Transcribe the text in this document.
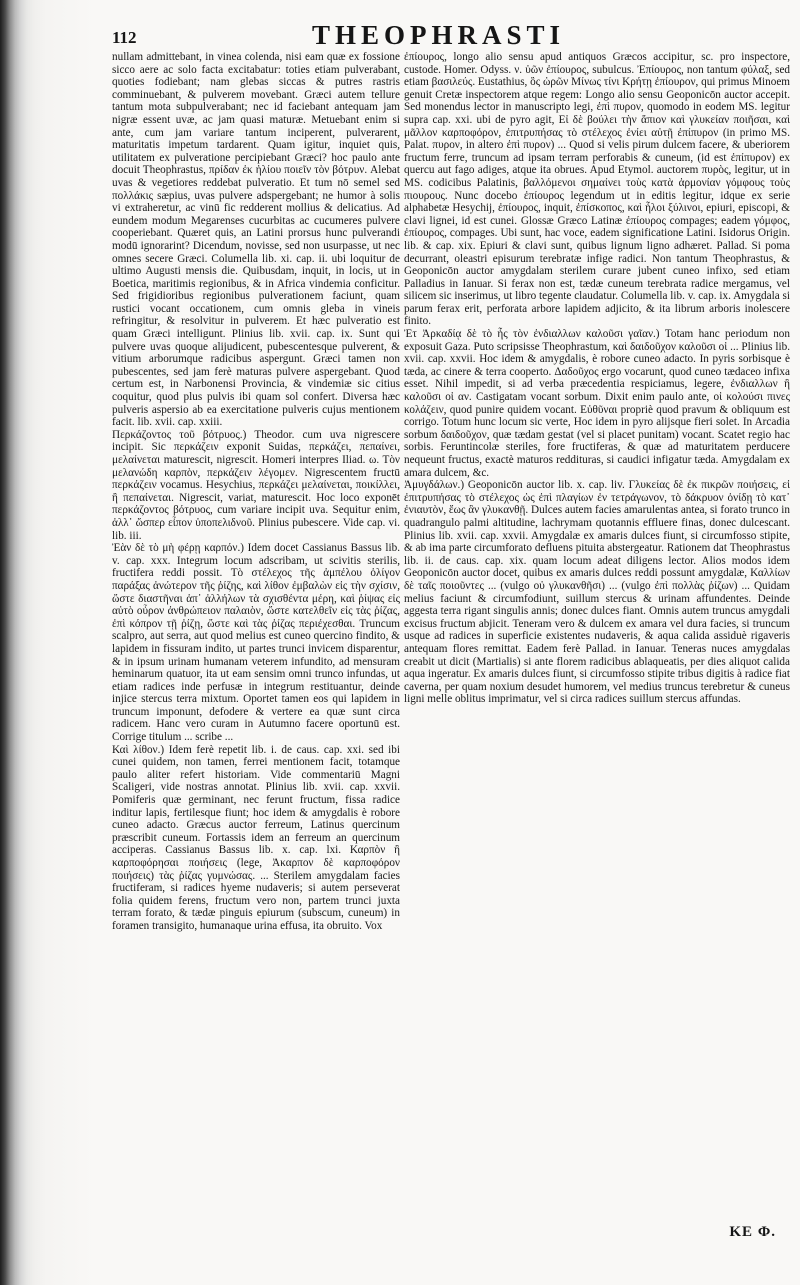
112	THEOPHRASTI

nullam admittebant, in vinea colenda, nisi eam quæ ex fossione sicco aere ac solo facta excitabatur: toties etiam pulverabant, quoties fodiebant; nam glebas siccas & putres rastris comminuebant, & pulverem movebant. Græci autem tellure tantum mota subpulverabant; nec id faciebant antequam jam nigræ essent uvæ, ac jam quasi maturæ. Metuebant enim si ante, cum jam variare tantum inciperent, pulverarent, maturitatis impetum tardarent. Quam igitur, inquiet quis, utilitatem ex pulveratione percipiebant Græci? hoc paulo ante docuit Theophrastus, πρίδαν ἐκ ἡλίου ποιεῖν τὸν βότρυν. Alebat uvas & vegetiores reddebat pulveratio. Et tum nō semel sed πολλάκις sæpius, uvas pulvere adspergebant; ne humor à solis vi extraheretur, ac vinū fic redderent mollius & delicatius. Ad eundem modum Megarenses cucurbitas ac cucumeres pulvere cooperiebant. Quæret quis, an Latini prorsus hunc pulverandi modū ignorarint? Dicendum, novisse, sed non usurpasse, ut nec omnes secere Græci. Columella lib. xi. cap. ii. ubi loquitur de ultimo Augusti mensis die. Quibusdam, inquit, in locis, ut in Boetica, maritimis regionibus, & in Africa vindemia conficitur. Sed frigidioribus regionibus pulverationem faciunt, quam rustici vocant occationem, cum omnis gleba in vineis refringitur, & resolvitur in pulverem. Et hæc pulveratio est quam Græci intelligunt. Plinius lib. xvii. cap. ix. Sunt qui pulvere uvas quoque alijudicent, pubescentesque pulverent, & vitium arborumque radicibus aspergunt. Græci tamen non pubescentes, sed jam ferè maturas pulvere aspergebant. Quod certum est, in Narbonensi Provincia, & vindemiæ sic citius coquitur, quod plus pulvis ibi quam sol confert. Diversa hæc pulveris aspersio ab ea exercitatione pulveris cujus mentionem facit. lib. xvii. cap. xxiii.

Περκάζοντος τοῦ βότρυος.) Theodor. cum uva nigrescere incipit. Sic περκάζειν exponit Suidas, περκάζει, πεπαίνει, μελαίνεται maturescit, nigrescit. Homeri interpres Iliad. ω. Τὸν μελανώδη καρπὸν, περκάζειν λέγομεν. Nigrescentem fructū περκάζειν vocamus. Hesychius, περκάζει μελαίνεται, ποικίλλει, ἢ πεπαίνεται. Nigrescit, variat, maturescit. Hoc loco exponēt περκάζοντος βότρυος, cum variare incipit uva. Sequitur enim, ἀλλ᾽ ὥσπερ εἶπον ὑποπελιδνοῦ. Plinius pubescere. Vide cap. vi. lib. iii.

Ἐὰν δὲ τὸ μὴ φέρῃ καρπόν.) Idem docet Cassianus Bassus lib. v. cap. xxx. Integrum locum adscribam, ut scivitis sterilis, fructifera reddi possit. Τὸ στέλεχος τῆς ἀμπέλου ὀλίγον παράξας ἀνώτερον τῆς ῥίζης, καὶ λίθον ἐμβαλὼν εἰς τὴν σχίσιν, ὥστε διαστῆναι ἀπ᾽ ἀλλήλων τὰ σχισθέντα μέρη, καὶ ῥίψας εἰς αὐτὸ οὖρον ἀνθρώπειον παλαιὸν, ὥστε κατελθεῖν εἰς τὰς ῥίζας, ἐπὶ κόπρον τῇ ῥίζῃ, ὥστε καὶ τὰς ῥίζας περιέχεσθαι. Truncum scalpro, aut serra, aut quod melius est cuneo quercino findito, & lapidem in fissuram indito, ut partes trunci invicem disparentur, & in ipsum urinam humanam veterem infundito, ad mensuram heminarum quatuor, ita ut eam sensim omni trunco infundas, ut etiam radices inde perfusæ in integrum restituantur, deinde injice stercus terra mixtum. Oportet tamen eos qui lapidem in truncum imponunt, defodere & vertere ea quæ sunt circa radicem. Hanc vero curam in Autumno facere oportunū est. Corrige titulum ... scribe ...

Καὶ λίθον.) Idem ferè repetit lib. i. de caus. cap. xxi. sed ibi cunei quidem, non tamen, ferrei mentionem facit, totamque paulo aliter refert historiam. Vide commentariū Magni Scaligeri, vide nostras annotat. Plinius lib. xvii. cap. xxvii. Pomiferis quæ germinant, nec ferunt fructum, fissa radice inditur lapis, fertilesque fiunt; hoc idem & amygdalis è robore cuneo adacto. Græcus auctor ferreum, Latinus quercinum præscribit cuneum. Fortassis idem an ferreum an quercinum acciperas. Cassianus Bassus lib. x. cap. lxi. Καρπὸν ἢ καρποφόρησαι ποιήσεις (lege, Ἀκαρπον δὲ καρποφόρον ποιήσεις) τὰς ῥίζας γυμνώσας. ... Sterilem amygdalam facies fructiferam, si radices hyeme nudaveris; si autem perseverat folia quidem ferens, fructum vero non, partem trunci juxta terram forato, & tædæ pinguis epiurum (subscum, cuneum) in foramen transigito, humanaque urina effusa, ita obruito. Vox

ἐπίουρος, longo alio sensu apud antiquos Græcos accipitur, sc. pro inspectore, custode. Homer. Odyss. ν. ὑῶν ἐπίουρος, subulcus. Ἐπίουρος, non tantum φύλαξ, sed etiam βασιλεύς. Eustathius, ὃς ὠρῶν Μίνως τίνι Κρήτῃ ἐπίουρον, qui primus Minoem genuit Cretæ inspectorem atque regem: Longo alio sensu Geoponicōn auctor accepit. Sed monendus lector in manuscripto legi, ἐπὶ πυρον, quomodo in eodem MS. legitur supra cap. xxi. ubi de pyro agit, Εἰ δὲ βούλει τὴν ἄπιον καὶ γλυκείαν ποιῆσαι, καὶ μᾶλλον καρποφόρον, ἐπιτρυπήσας τὸ στέλεχος ἐνίει αὐτῇ ἐπίπυρον (in primo MS. Palat. πυρον, in altero ἐπὶ πυρον) ... Quod si velis pirum dulcem facere, & uberiorem fructum ferre, truncum ad ipsam terram perforabis & cuneum, (id est ἐπίπυρον) ex quercu aut fago adiges, atque ita obrues. Apud Etymol. auctorem πυρὸς, legitur, ut in MS. codicibus Palatinis, βαλλόμενοι σημαίνει τοὺς κατὰ ἁρμονίαν γόμφους τοὺς πιουρους. Nunc docebo ἐπίουρος legendum ut in editis legitur, idque ex serie alphabetæ Hesychij, ἐπίουρος, inquit, ἐπίσκοπος, καὶ ἧλοι ξύλινοι, epiuri, episcopi, & clavi lignei, id est cunei. Glossæ Græco Latinæ ἐπίουρος compages; eadem γόμφος, ἐπίουρος, compages. Ubi sunt, hac voce, eadem significatione Latini. Isidorus Origin. lib. & cap. xix. Epiuri & clavi sunt, quibus lignum ligno adhæret. Pallad. Si poma decurrant, oleastri episurum terebratæ infige radici. Non tantum Theophrastus, & Geoponicōn auctor amygdalam sterilem curare jubent cuneo infixo, sed etiam Palladius in Ianuar. Si ferax non est, tædæ cuneum terebrata radice mergamus, vel silicem sic inserimus, ut libro tegente claudatur. Columella lib. v. cap. ix. Amygdala si parum ferax erit, perforata arbore lapidem adjicito, & ita librum arboris inolescere finito.

Ἐτ Ἀρκαδίᾳ δὲ τὸ ἧς τὸν ἐνδιαλλων καλοῦσι γαῖαν.) Totam hanc periodum non exposuit Gaza. Puto scripsisse Theophrastum, καὶ δαιδοῦχον καλοῦσι οἱ ... Plinius lib. xvii. cap. xxvii. Hoc idem & amygdalis, è robore cuneo adacto. In pyris sorbisque è tæda, ac cinere & terra cooperto. Δαδοῦχος ergo vocarunt, quod cuneo tædaceo infixa esset. Nihil impedit, si ad verba præcedentia respiciamus, legere, ἐνδιαλλων ἢ καλοῦσι οἱ αν. Castigatam vocant sorbum. Dixit enim paulo ante, οἱ κολούσι πινες κολάζειν, quod punire quidem vocant. Εὐθῦναι propriè quod pravum & obliquum est corrigo. Totum hunc locum sic verte, Hoc idem in pyro alijsque fieri solet. In Arcadia sorbum δαιδοῦχον, quæ tædam gestat (vel si placet punitam) vocant. Scatet regio hac sorbis. Feruntincolæ steriles, fore fructiferas, & quæ ad maturitatem perducere nequeunt fructus, exactè maturos reddituras, si caudici infigatur tæda. Amygdalam ex amara dulcem, &c.

Ἀμυγδάλων.) Geoponicōn auctor lib. x. cap. liv. Γλυκείας δὲ ἐκ πικρῶν ποιήσεις, εἰ ἐπιτρυπήσας τὸ στέλεχος ὡς ἐπὶ πλαγίων ἐν τετράγωνον, τὸ δάκρυον ὀνίδῃ τὸ κατ᾽ ἐνιαυτὸν, ἕως ἂν γλυκανθῇ. Dulces autem facies amarulentas antea, si forato trunco in quadrangulo palmi altitudine, lachrymam quotannis effluere finas, donec dulcescant. Plinius lib. xvii. cap. xxvii. Amygdalæ ex amaris dulces fiunt, si circumfosso stipite, & ab ima parte circumforato defluens pituita abstergeatur. Rationem dat Theophrastus lib. ii. de caus. cap. xix. quam locum adeat diligens lector. Alios modos idem Geoponicōn auctor docet, quibus ex amaris dulces reddi possunt amygdalæ, Καλλίων δὲ ταῖς ποιοῦντες ... (vulgo οὐ γλυκανθῆσι) ... (vulgo ἐπὶ πολλὰς ῥίζων) ... Quidam melius faciunt & circumfodiunt, suillum stercus & urinam affundentes. Deinde aggesta terra rigant singulis annis; donec dulces fiant. Omnis autem truncus amygdali excisus fructum abjicit. Teneram vero & dulcem ex amara vel dura facies, si truncum usque ad radices in superficie existentes nudaveris, & aqua calida assiduè rigaveris antequam flores remittat. Eadem ferè Pallad. in Ianuar. Teneras nuces amygdalas creabit ut dicit (Martialis) si ante florem radicibus ablaqueatis, per dies aliquot calida aqua ingeratur. Ex amaris dulces fiunt, si circumfosso stipite tribus digitis à radice fiat caverna, per quam noxium desudet humorem, vel medius truncus terebretur & cuneus ligni melle oblitus imprimatur, vel si circa radices suillum stercus affundas.

ΚΕ Φ.
